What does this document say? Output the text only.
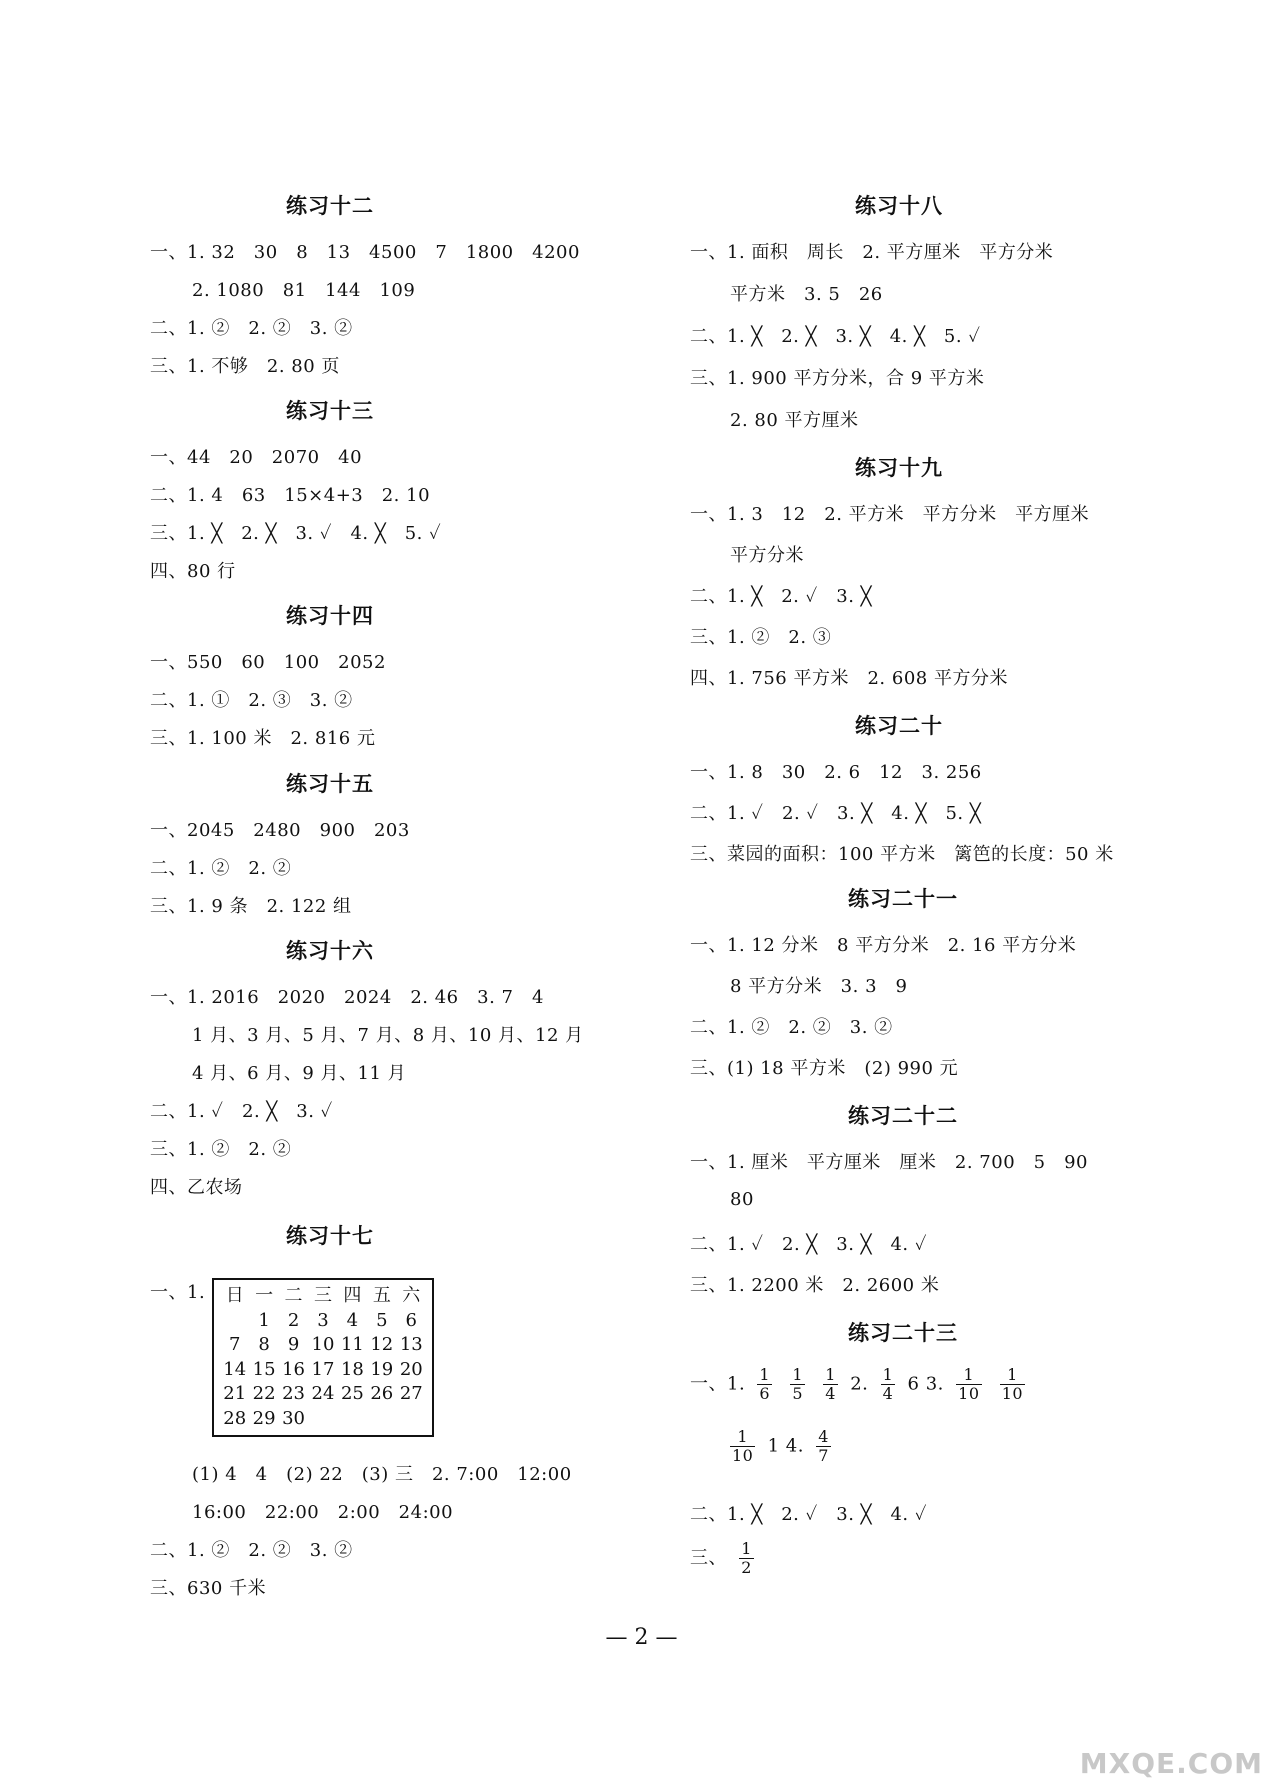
练习十二
一、1. 32　30　8　13　4500　7　1800　4200
2. 1080　81　144　109
二、1. ②　2. ②　3. ②
三、1. 不够　2. 80 页
练习十三
一、44　20　2070　40
二、1. 4　63　15×4+3　2. 10
三、1. ╳　2. ╳　3. ✓　4. ╳　5. ✓
四、80 行
练习十四
一、550　60　100　2052
二、1. ①　2. ③　3. ②
三、1. 100 米　2. 816 元
练习十五
一、2045　2480　900　203
二、1. ②　2. ②
三、1. 9 条　2. 122 组
练习十六
一、1. 2016　2020　2024　2. 46　3. 7　4
1 月、3 月、5 月、7 月、8 月、10 月、12 月
4 月、6 月、9 月、11 月
二、1. ✓　2. ╳　3. ✓
三、1. ②　2. ②
四、乙农场
练习十七
一、1. 日	一	二	三	四	五	六
	1	2	3	4	5	6
7	8	9	10	11	12	13
14	15	16	17	18	19	20
21	22	23	24	25	26	27
28	29	30				
(1) 4　4　(2) 22　(3) 三　2. 7:00　12:00
16:00　22:00　2:00　24:00
二、1. ②　2. ②　3. ②
三、630 千米
练习十八
一、1. 面积　周长　2. 平方厘米　平方分米
平方米　3. 5　26
二、1. ╳　2. ╳　3. ╳　4. ╳　5. ✓
三、1. 900 平方分米，合 9 平方米
2. 80 平方厘米
练习十九
一、1. 3　12　2. 平方米　平方分米　平方厘米
平方分米
二、1. ╳　2. ✓　3. ╳
三、1. ②　2. ③
四、1. 756 平方米　2. 608 平方分米
练习二十
一、1. 8　30　2. 6　12　3. 256
二、1. ✓　2. ✓　3. ╳　4. ╳　5. ╳
三、菜园的面积：100 平方米　篱笆的长度：50 米
练习二十一
一、1. 12 分米　8 平方分米　2. 16 平方分米
8 平方分米　3. 3　9
二、1. ②　2. ②　3. ②
三、(1) 18 平方米　(2) 990 元
练习二十二
一、1. 厘米　平方厘米　厘米　2. 700　5　90
80
二、1. ✓　2. ╳　3. ╳　4. ✓
三、1. 2200 米　2. 2600 米
练习二十三
一、1. $\frac{1}{6}$
$\frac{1}{5}$
$\frac{1}{4} 2$. $\frac{1}{4} 6$ 3. $\frac{1}{10}$
$\frac{1}{10}$
$\frac{1}{10} 1$ 4. $\frac{4}{7}$
二、1. ╳　2. ✓　3. ╳　4. ✓
三、 $\frac{1}{2}$
— 2 —
MXQE.COM
